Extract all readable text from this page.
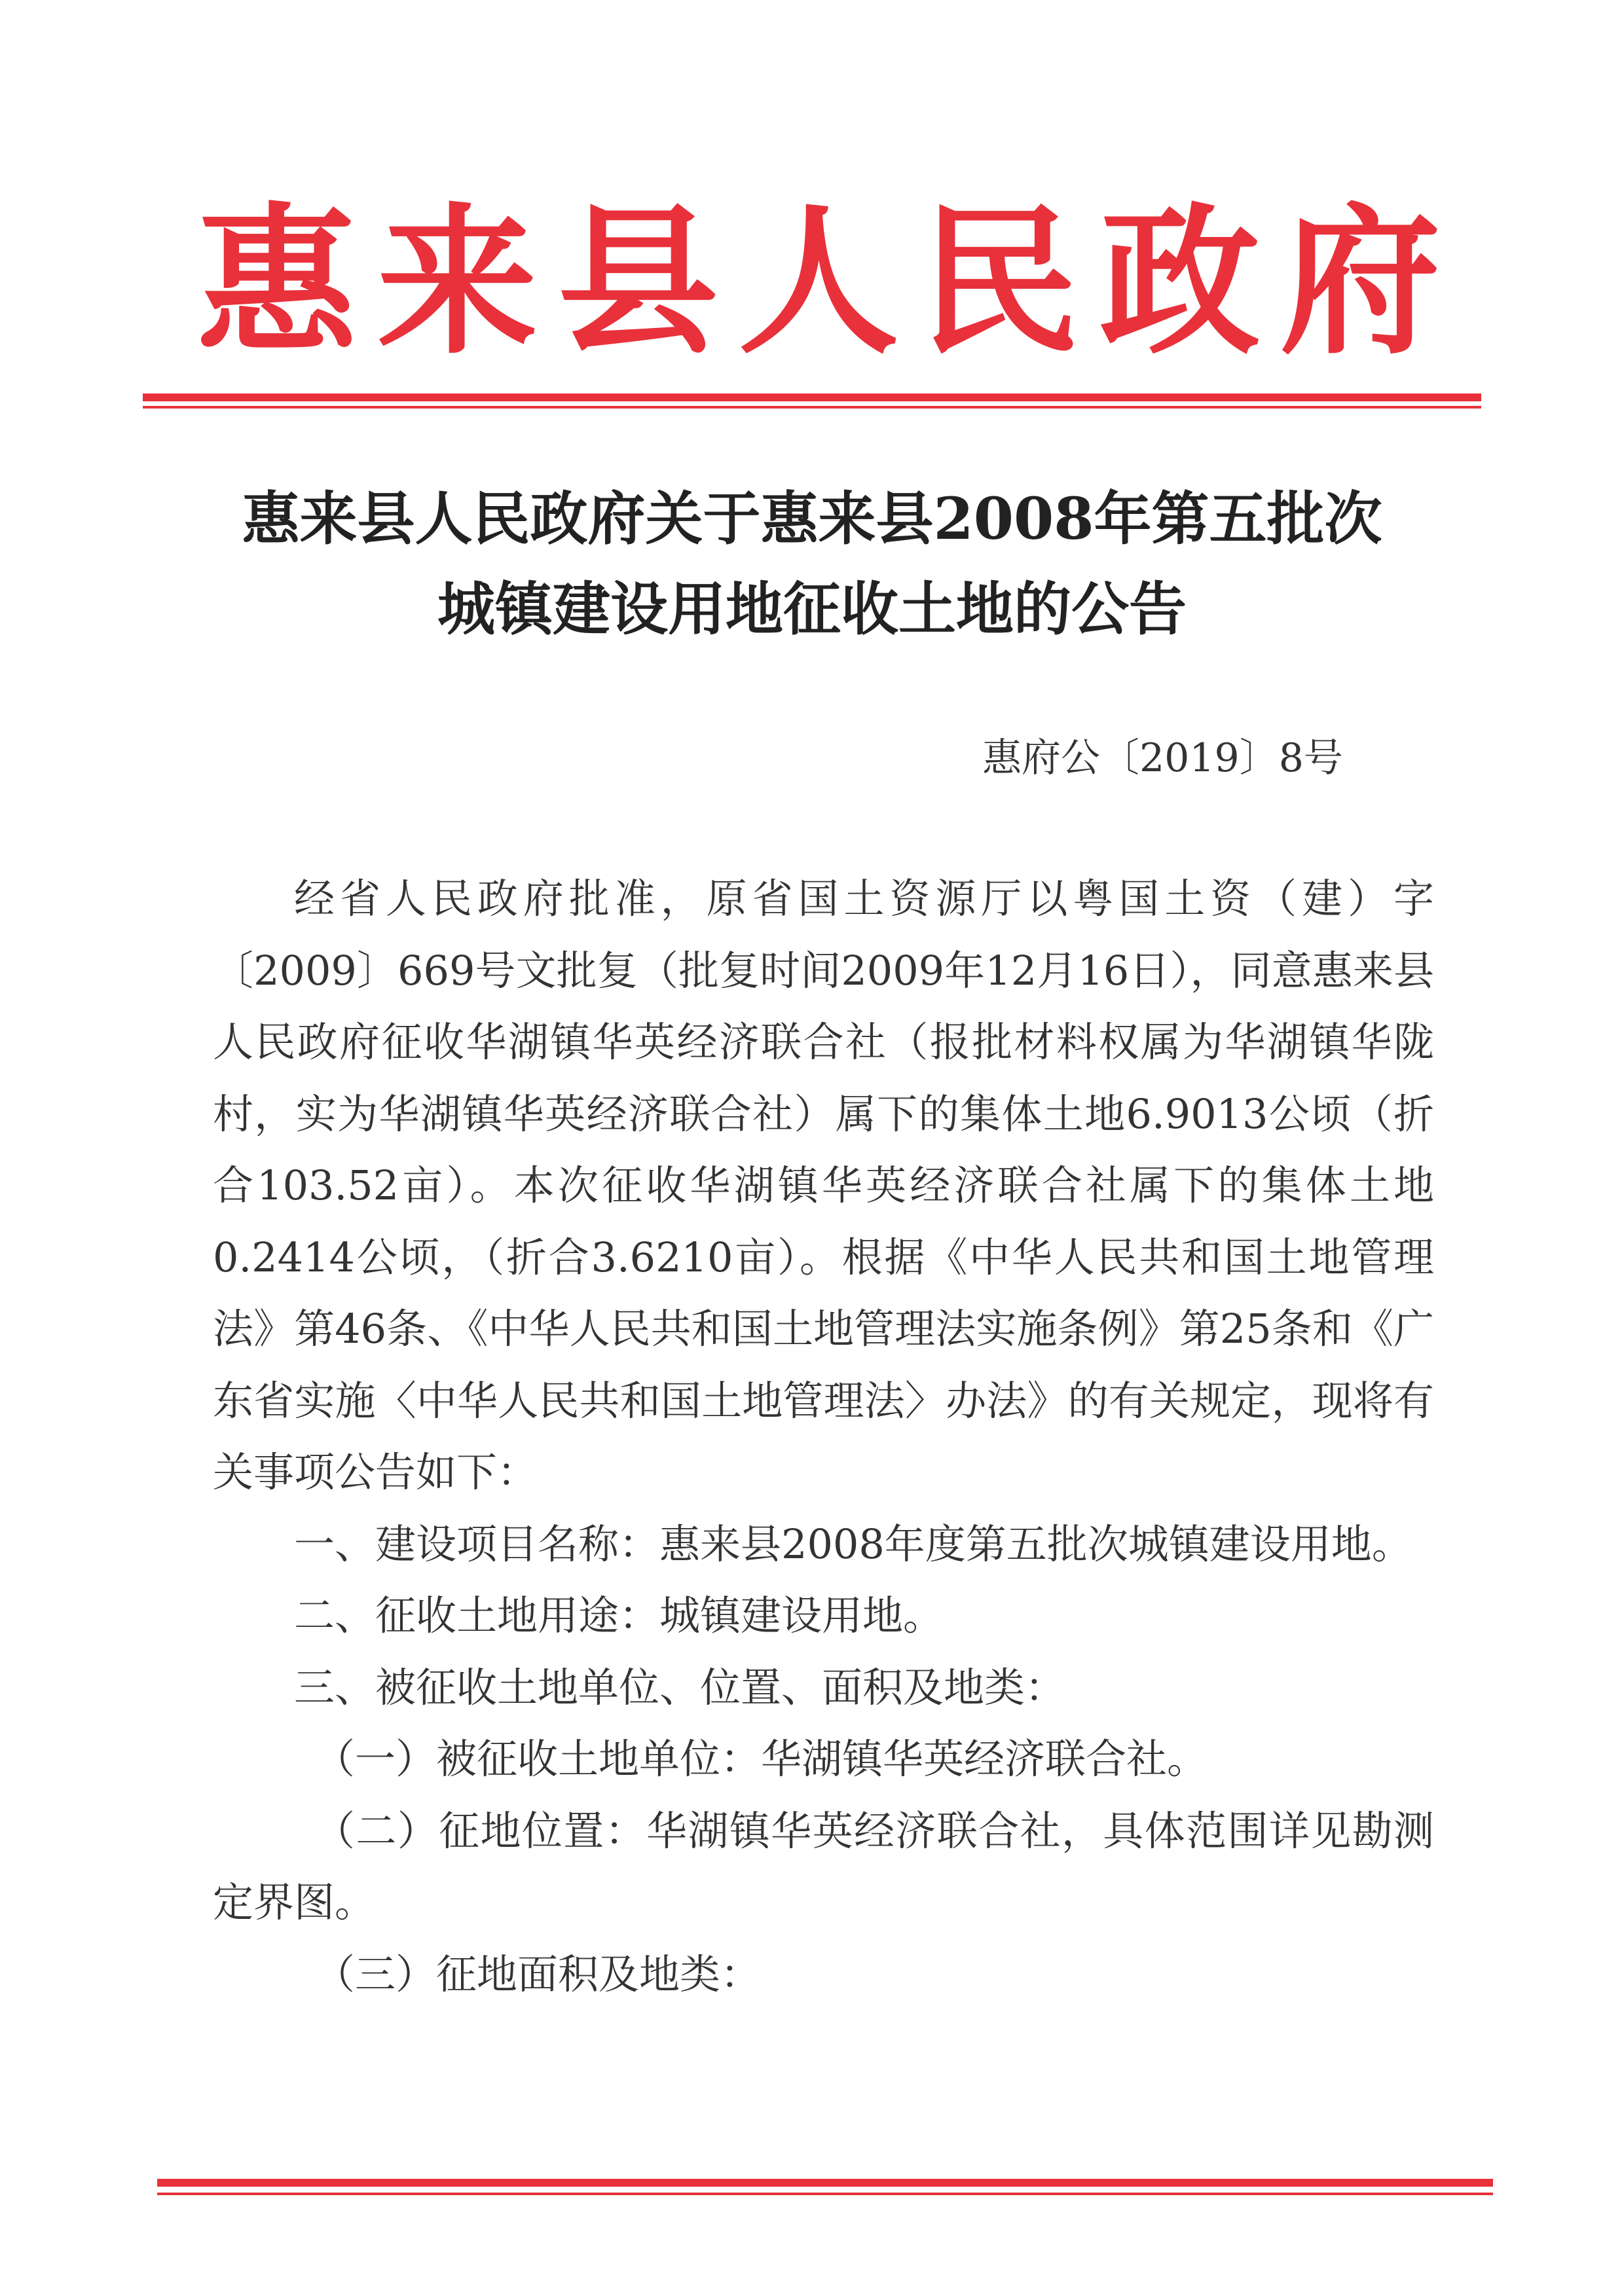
惠 来 县 人 民 政 府
惠来县人民政府关于惠来县2008年第五批次
城镇建设用地征收土地的公告
惠府公〔2019〕8号

经省人民政府批准，原省国土资源厅以粤国土资（建）字〔2009〕669号文批复（批复时间2009年12月16日），同意惠来县人民政府征收华湖镇华英经济联合社（报批材料权属为华湖镇华陇村，实为华湖镇华英经济联合社）属下的集体土地6.9013公顷（折合103.52亩）。本次征收华湖镇华英经济联合社属下的集体土地0.2414公顷，（折合3.6210亩）。根据《中华人民共和国土地管理法》第46条、《中华人民共和国土地管理法实施条例》第25条和《广东省实施〈中华人民共和国土地管理法〉办法》的有关规定，现将有关事项公告如下：

一、建设项目名称：惠来县2008年度第五批次城镇建设用地。

二、征收土地用途：城镇建设用地。

三、被征收土地单位、位置、面积及地类：

（一）被征收土地单位：华湖镇华英经济联合社。

（二）征地位置：华湖镇华英经济联合社，具体范围详见勘测定界图。

（三）征地面积及地类：
